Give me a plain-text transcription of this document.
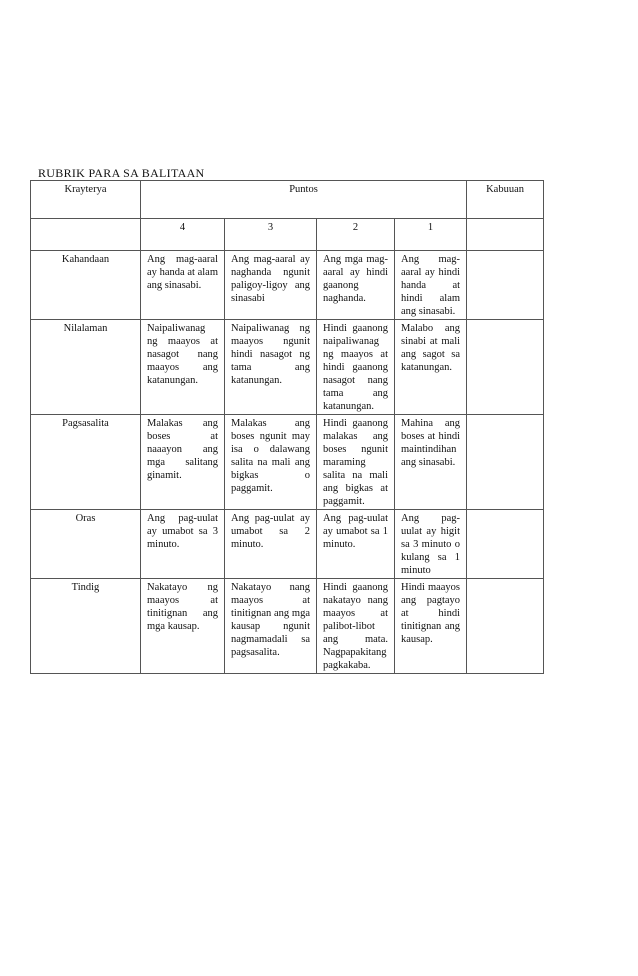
RUBRIK PARA SA BALITAAN
Krayterya	Puntos				Kabuuan
	4	3	2	1	
Kahandaan	Ang mag-aaral ay handa at alam ang sinasabi.	Ang mag-aaral ay naghanda ngunit paligoy-ligoy ang sinasabi	Ang mga mag-aaral ay hindi gaanong naghanda.	Ang mag-aaral ay hindi handa at hindi alam ang sinasabi.	
Nilalaman	Naipaliwanag ng maayos at nasagot nang maayos ang katanungan.	Naipaliwanag ng maayos ngunit hindi nasagot ng tama ang katanungan.	Hindi gaanong naipaliwanag ng maayos at hindi gaanong nasagot nang tama ang katanungan.	Malabo ang sinabi at mali ang sagot sa katanungan.	
Pagsasalita	Malakas ang boses at naaayon ang mga salitang ginamit.	Malakas ang boses ngunit may isa o dalawang salita na mali ang bigkas o paggamit.	Hindi gaanong malakas ang boses ngunit maraming salita na mali ang bigkas at paggamit.	Mahina ang boses at hindi maintindihan ang sinasabi.	
Oras	Ang pag-uulat ay umabot sa 3 minuto.	Ang pag-uulat ay umabot sa 2 minuto.	Ang pag-uulat ay umabot sa 1 minuto.	Ang pag-uulat ay higit sa 3 minuto o kulang sa 1 minuto	
Tindig	Nakatayo ng maayos at tinitignan ang mga kausap.	Nakatayo nang maayos at tinitignan ang mga kausap ngunit nagmamadali sa pagsasalita.	Hindi gaanong nakatayo nang maayos at palibot-libot ang mata. Nagpapakitang pagkakaba.	Hindi maayos ang pagtayo at hindi tinitignan ang kausap.	
